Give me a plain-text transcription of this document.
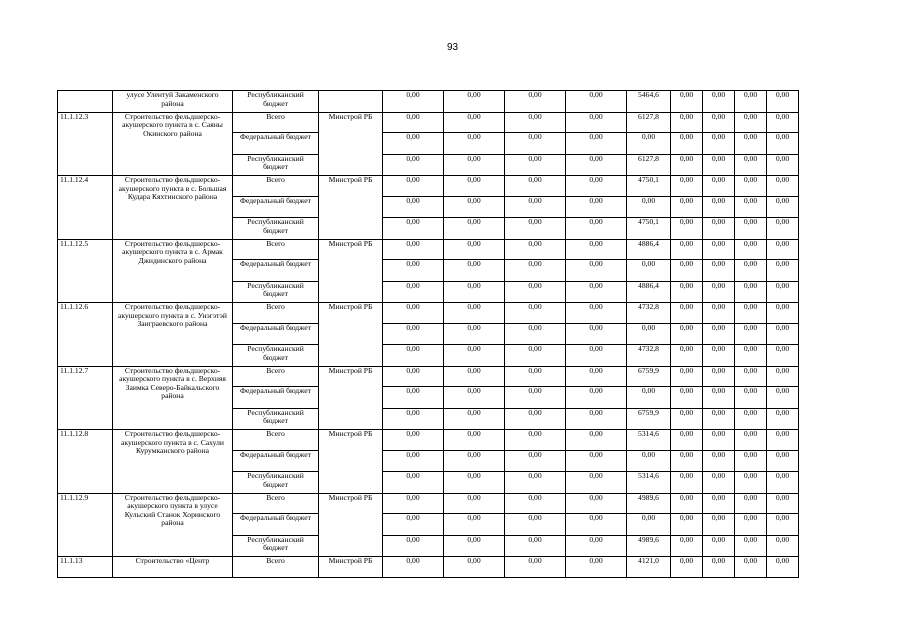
93
	улусе Улентуй Закаменского района	Республиканский бюджет		0,00	0,00	0,00	0,00	5464,6	0,00	0,00	0,00	0,00
11.1.12.3	Строительство фельдшерско-акушерского пункта в с. Саяны Окинского района	Всего	Минстрой РБ	0,00	0,00	0,00	0,00	6127,8	0,00	0,00	0,00	0,00
		Федеральный бюджет		0,00	0,00	0,00	0,00	0,00	0,00	0,00	0,00	0,00
		Республиканский бюджет		0,00	0,00	0,00	0,00	6127,8	0,00	0,00	0,00	0,00
11.1.12.4	Строительство фельдшерско-акушерского пункта в с. Большая Кудара Кяхтинского района	Всего	Минстрой РБ	0,00	0,00	0,00	0,00	4750,1	0,00	0,00	0,00	0,00
		Федеральный бюджет		0,00	0,00	0,00	0,00	0,00	0,00	0,00	0,00	0,00
		Республиканский бюджет		0,00	0,00	0,00	0,00	4750,1	0,00	0,00	0,00	0,00
11.1.12.5	Строительство фельдшерско-акушерского пункта в с. Армак Джидинского района	Всего	Минстрой РБ	0,00	0,00	0,00	0,00	4886,4	0,00	0,00	0,00	0,00
		Федеральный бюджет		0,00	0,00	0,00	0,00	0,00	0,00	0,00	0,00	0,00
		Республиканский бюджет		0,00	0,00	0,00	0,00	4886,4	0,00	0,00	0,00	0,00
11.1.12.6	Строительство фельдшерско-акушерского пункта в с. Унэгэтэй Заиграевского района	Всего	Минстрой РБ	0,00	0,00	0,00	0,00	4732,8	0,00	0,00	0,00	0,00
		Федеральный бюджет		0,00	0,00	0,00	0,00	0,00	0,00	0,00	0,00	0,00
		Республиканский бюджет		0,00	0,00	0,00	0,00	4732,8	0,00	0,00	0,00	0,00
11.1.12.7	Строительство фельдшерско-акушерского пункта в с. Верхняя Заимка Северо-Байкальского района	Всего	Минстрой РБ	0,00	0,00	0,00	0,00	6759,9	0,00	0,00	0,00	0,00
		Федеральный бюджет		0,00	0,00	0,00	0,00	0,00	0,00	0,00	0,00	0,00
		Республиканский бюджет		0,00	0,00	0,00	0,00	6759,9	0,00	0,00	0,00	0,00
11.1.12.8	Строительство фельдшерско-акушерского пункта в с. Сахули Курумканского района	Всего	Минстрой РБ	0,00	0,00	0,00	0,00	5314,6	0,00	0,00	0,00	0,00
		Федеральный бюджет		0,00	0,00	0,00	0,00	0,00	0,00	0,00	0,00	0,00
		Республиканский бюджет		0,00	0,00	0,00	0,00	5314,6	0,00	0,00	0,00	0,00
11.1.12.9	Строительство фельдшерско-акушерского пункта в улусе Кульский Станок Хоринского района	Всего	Минстрой РБ	0,00	0,00	0,00	0,00	4989,6	0,00	0,00	0,00	0,00
		Федеральный бюджет		0,00	0,00	0,00	0,00	0,00	0,00	0,00	0,00	0,00
		Республиканский бюджет		0,00	0,00	0,00	0,00	4989,6	0,00	0,00	0,00	0,00
11.1.13	Строительство «Центр	Всего	Минстрой РБ	0,00	0,00	0,00	0,00	4121,0	0,00	0,00	0,00	0,00
